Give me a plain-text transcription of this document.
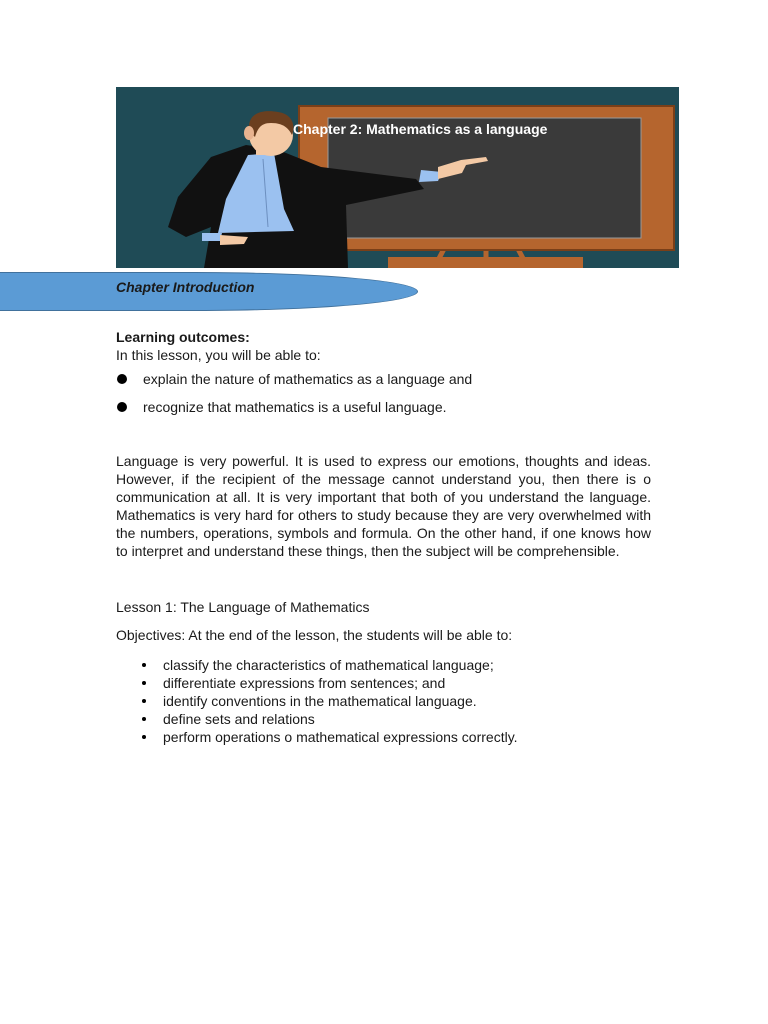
Chapter 2: Mathematics as a language
Chapter Introduction

Learning outcomes:

In this lesson, you will be able to:

explain the nature of mathematics as a language and
recognize that mathematics is a useful language.

Language is very powerful. It is used to express our emotions, thoughts and ideas. However, if the recipient of the message cannot understand you, then there is o communication at all. It is very important that both of you understand the language. Mathematics is very hard for others to study because they are very overwhelmed with the numbers, operations, symbols and formula. On the other hand, if one knows how to interpret and understand these things, then the subject will be comprehensible.

Lesson 1: The Language of Mathematics

Objectives: At the end of the lesson, the students will be able to:

classify the characteristics of mathematical language;
differentiate expressions from sentences; and
identify conventions in the mathematical language.
define sets and relations
perform operations o mathematical expressions correctly.
